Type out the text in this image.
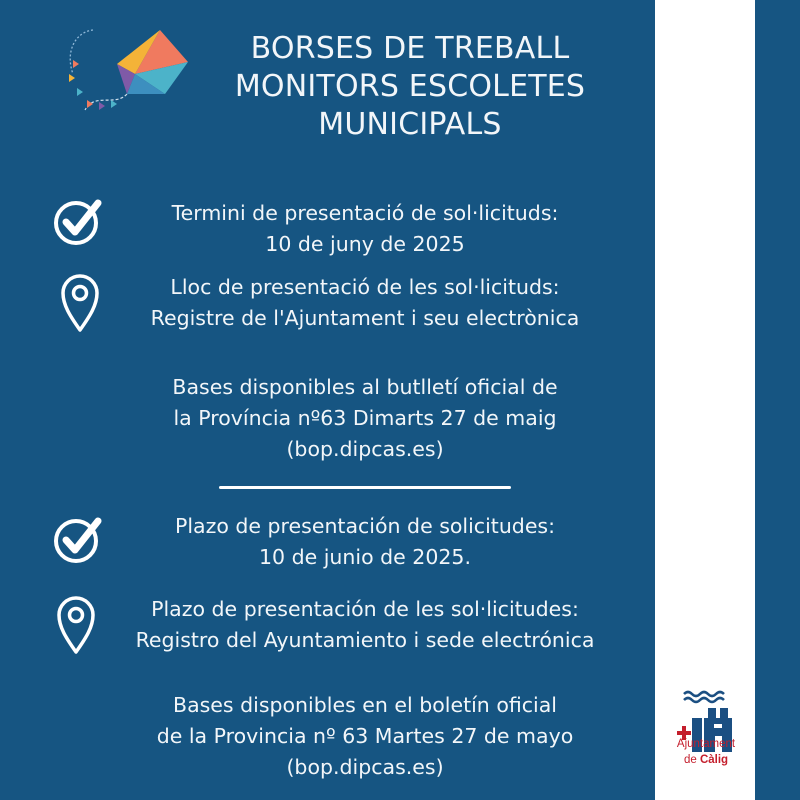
BORSES DE TREBALL
MONITORS ESCOLETES
MUNICIPALS
Termini de presentació de sol·licituds:
10 de juny de 2025
Lloc de presentació de les sol·licituds:
Registre de l'Ajuntament i seu electrònica
Bases disponibles al butlletí oficial de
la Província nº63 Dimarts 27 de maig
(bop.dipcas.es)
Plazo de presentación de solicitudes:
10 de junio de 2025.
Plazo de presentación de les sol·licitudes:
Registro del Ayuntamiento i sede electrónica
Bases disponibles en el boletín oficial
de la Provincia nº 63 Martes 27 de mayo
(bop.dipcas.es)
Ajuntament
de Càlig
